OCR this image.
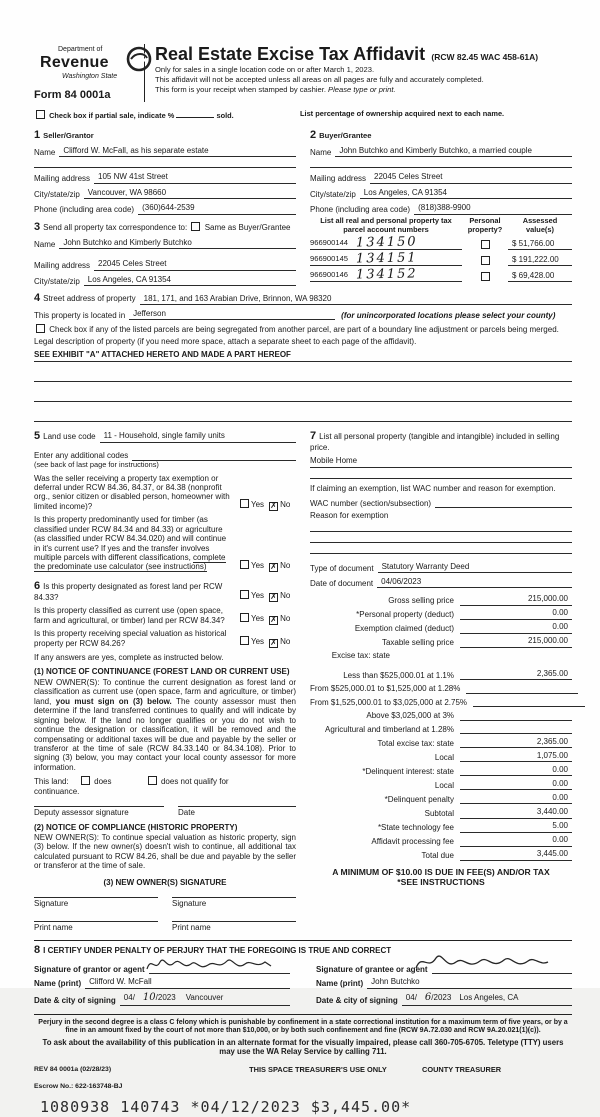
Department of
Revenue
Washington State
Form 84 0001a
Real Estate Excise Tax Affidavit (RCW 82.45 WAC 458-61A)
Only for sales in a single location code on or after March 1, 2023.
This affidavit will not be accepted unless all areas on all pages are fully and accurately completed.
This form is your receipt when stamped by cashier. Please type or print.
Check box if partial sale, indicate %	sold.	List percentage of ownership acquired next to each name.
1 Seller/Grantor
Name	Clifford W. McFall, as his separate estate
Mailing address	105 NW 41st Street
City/state/zip	Vancouver, WA 98660
Phone (including area code)	(360)644-2539
3 Send all property tax correspondence to: Same as Buyer/Grantee
Name	John Butchko and Kimberly Butchko
Mailing address	22045 Celes Street
City/state/zip	Los Angeles, CA 91354
2 Buyer/Grantee
Name	John Butchko and Kimberly Butchko, a married couple
Mailing address	22045 Celes Street
City/state/zip	Los Angeles, CA 91354
Phone (including area code)	(818)388-9900
List all real and personal property tax parcel account numbers
Personal property?
Assessed value(s)
966900144 134150	$ 51,766.00
966900145 134151	$ 191,222.00
966900146 134152	$ 69,428.00
4 Street address of property	181, 171, and 163 Arabian Drive, Brinnon, WA 98320
This property is located in	Jefferson	(for unincorporated locations please select your county)
Check box if any of the listed parcels are being segregated from another parcel, are part of a boundary line adjustment or parcels being merged.
Legal description of property (if you need more space, attach a separate sheet to each page of the affidavit).
SEE EXHIBIT "A" ATTACHED HERETO AND MADE A PART HEREOF
5 Land use code	11 - Household, single family units
Enter any additional codes
(see back of last page for instructions)
Was the seller receiving a property tax exemption or deferral under RCW 84.36, 84.37, or 84.38 (nonprofit org., senior citizen or disabled person, homeowner with limited income)?	Yes ✗ No
Is this property predominantly used for timber (as classified under RCW 84.34 and 84.33) or agriculture (as classified under RCW 84.34.020) and will continue in it's current use? If yes and the transfer involves multiple parcels with different classifications, complete the predominate use calculator (see instructions)	Yes ✗ No
6 Is this property designated as forest land per RCW 84.33?	Yes ✗ No
Is this property classified as current use (open space, farm and agricultural, or timber) land per RCW 84.34?	Yes ✗ No
Is this property receiving special valuation as historical property per RCW 84.26?	Yes ✗ No
If any answers are yes, complete as instructed below.
(1) NOTICE OF CONTINUANCE (FOREST LAND OR CURRENT USE)
NEW OWNER(S): To continue the current designation as forest land or classification as current use (open space, farm and agriculture, or timber) land, you must sign on (3) below. The county assessor must then determine if the land transferred continues to qualify and will indicate by signing below. If the land no longer qualifies or you do not wish to continue the designation or classification, it will be removed and the compensating or additional taxes will be due and payable by the seller or transferor at the time of sale (RCW 84.33.140 or 84.34.108). Prior to signing (3) below, you may contact your local county assessor for more information.
This land:	does	does not qualify for
continuance.
Deputy assessor signature	Date
(2) NOTICE OF COMPLIANCE (HISTORIC PROPERTY)
NEW OWNER(S): To continue special valuation as historic property, sign (3) below. If the new owner(s) doesn't wish to continue, all additional tax calculated pursuant to RCW 84.26, shall be due and payable by the seller or transferor at the time of sale.
(3) NEW OWNER(S) SIGNATURE
Signature	Signature
Print name	Print name
7 List all personal property (tangible and intangible) included in selling price.
Mobile Home
If claiming an exemption, list WAC number and reason for exemption.
WAC number (section/subsection)
Reason for exemption
Type of document	Statutory Warranty Deed
Date of document	04/06/2023
Gross selling price	215,000.00
*Personal property (deduct)	0.00
Exemption claimed (deduct)	0.00
Taxable selling price	215,000.00
Excise tax: state
Less than $525,000.01 at 1.1%	2,365.00
From $525,000.01 to $1,525,000 at 1.28%
From $1,525,000.01 to $3,025,000 at 2.75%
Above $3,025,000 at 3%
Agricultural and timberland at 1.28%
Total excise tax: state	2,365.00
Local	1,075.00
*Delinquent interest: state	0.00
Local	0.00
*Delinquent penalty	0.00
Subtotal	3,440.00
*State technology fee	5.00
Affidavit processing fee	0.00
Total due	3,445.00
A MINIMUM OF $10.00 IS DUE IN FEE(S) AND/OR TAX
*SEE INSTRUCTIONS
8 I CERTIFY UNDER PENALTY OF PERJURY THAT THE FOREGOING IS TRUE AND CORRECT
Signature of grantor or agent
Name (print)	Clifford W. McFall
Date & city of signing	04/ 10/2023 Vancouver
Signature of grantee or agent
Name (print)	John Butchko
Date & city of signing	04/ 6/2023 Los Angeles, CA
Perjury in the second degree is a class C felony which is punishable by confinement in a state correctional institution for a maximum term of five years, or by a fine in an amount fixed by the court of not more than $10,000, or by both such confinement and fine (RCW 9A.72.030 and RCW 9A.20.021(1)(c)).
To ask about the availability of this publication in an alternate format for the visually impaired, please call 360-705-6705. Teletype (TTY) users may use the WA Relay Service by calling 711.
REV 84 0001a (02/28/23)	THIS SPACE TREASURER'S USE ONLY	COUNTY TREASURER
Escrow No.: 622-163748-BJ
1080938 140743 *04/12/2023 $3,445.00*
